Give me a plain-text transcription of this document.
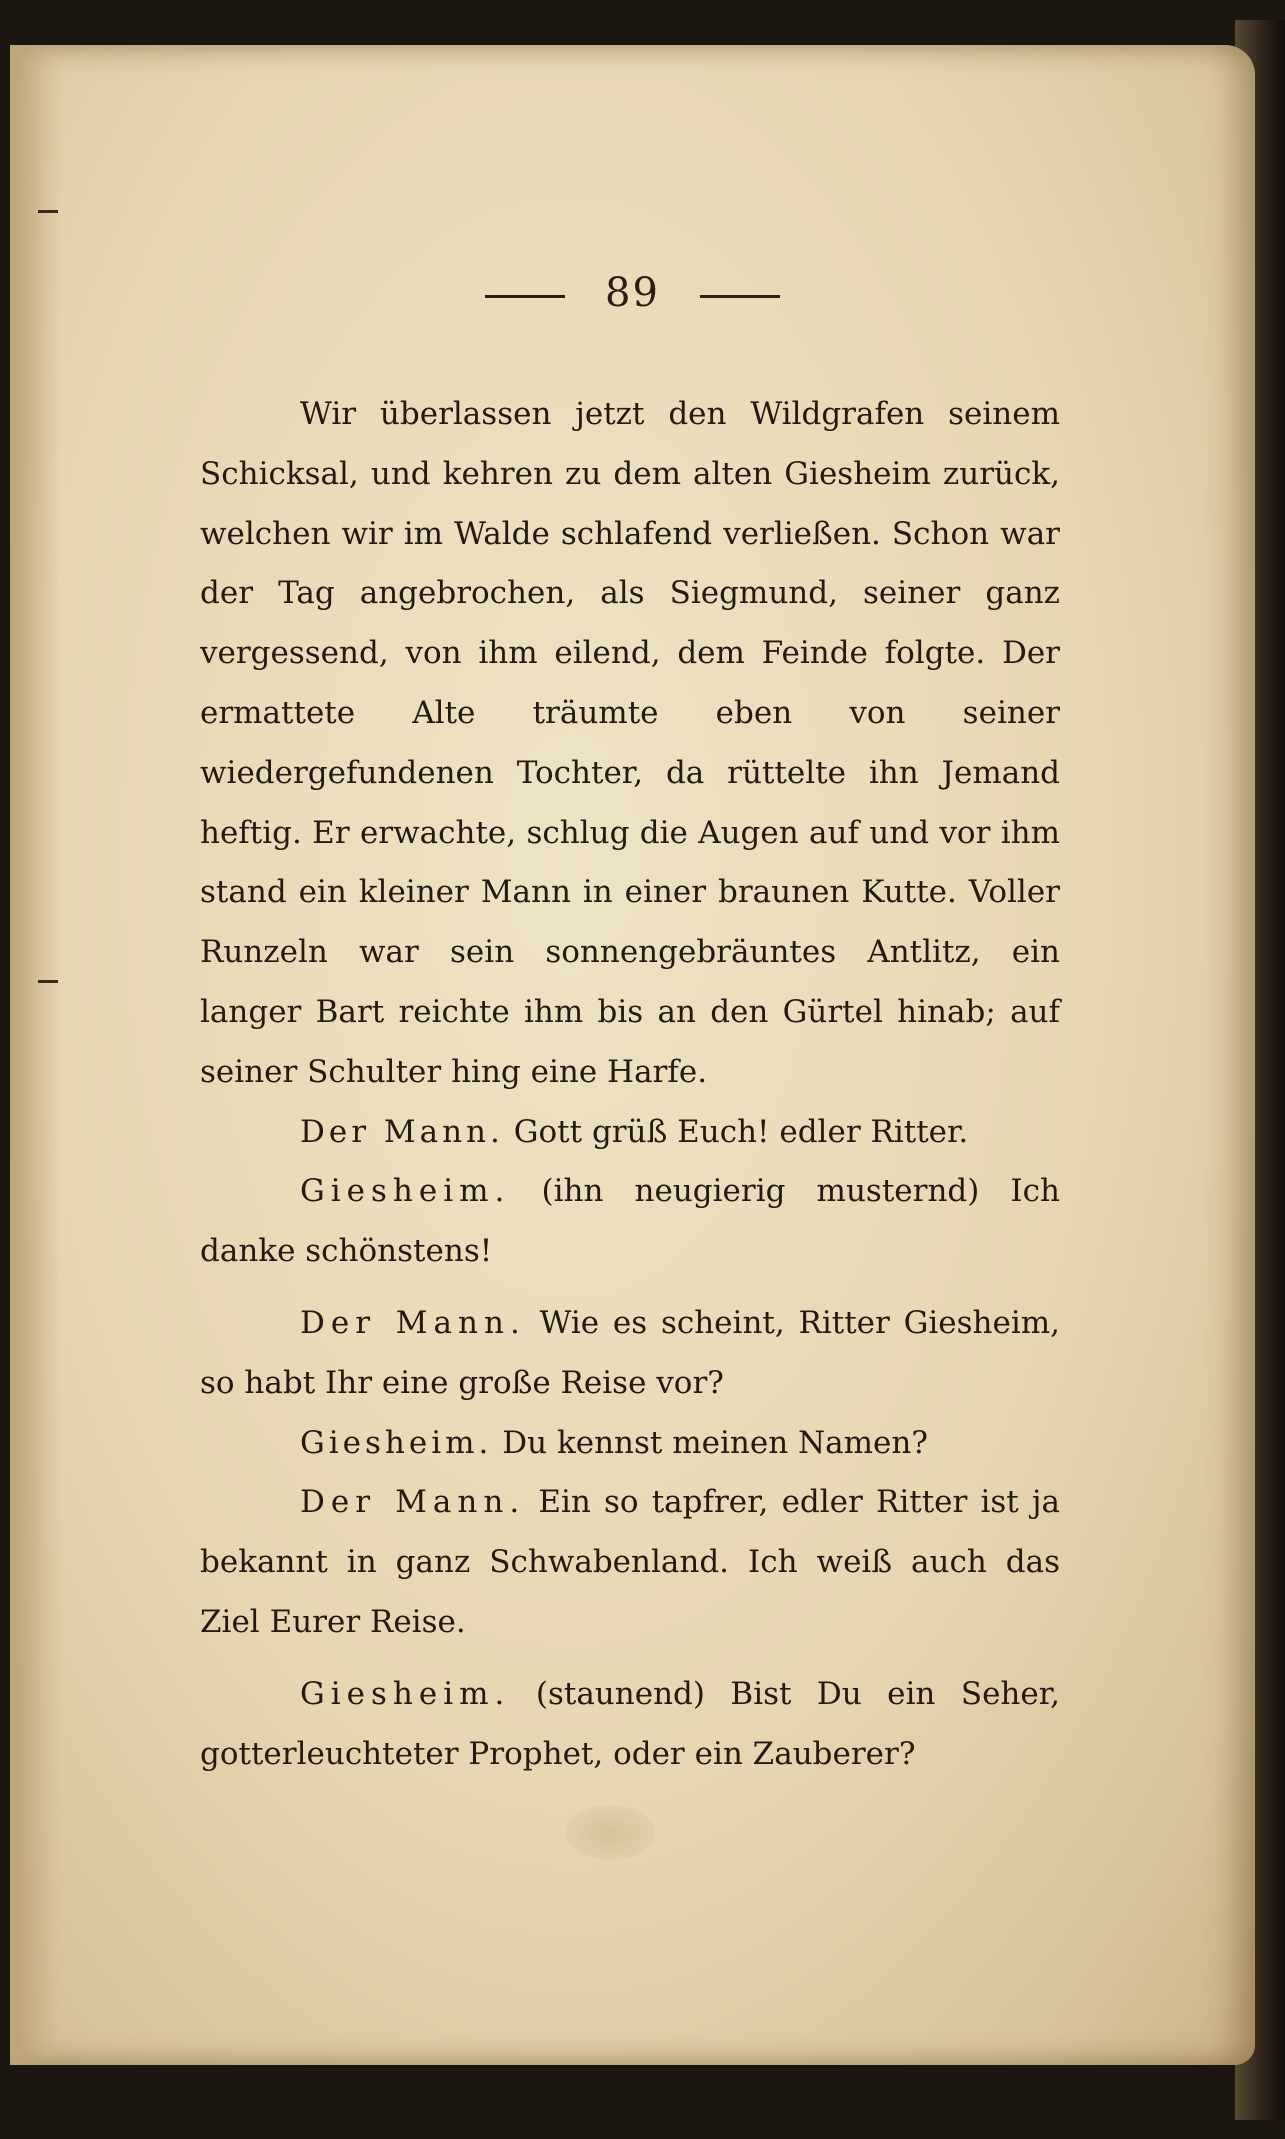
89

Wir überlassen jetzt den Wildgrafen seinem Schicksal, und kehren zu dem alten Giesheim zurück, welchen wir im Walde schlafend verließen. Schon war der Tag angebrochen, als Siegmund, seiner ganz vergessend, von ihm eilend, dem Feinde folgte. Der ermattete Alte träumte eben von seiner wiedergefundenen Tochter, da rüttelte ihn Jemand heftig. Er erwachte, schlug die Augen auf und vor ihm stand ein kleiner Mann in einer braunen Kutte. Voller Runzeln war sein sonnengebräuntes Antlitz, ein langer Bart reichte ihm bis an den Gürtel hinab; auf seiner Schulter hing eine Harfe.

Der Mann. Gott grüß Euch! edler Ritter.

Giesheim. (ihn neugierig musternd) Ich danke schönstens!

Der Mann. Wie es scheint, Ritter Giesheim, so habt Ihr eine große Reise vor?

Giesheim. Du kennst meinen Namen?

Der Mann. Ein so tapfrer, edler Ritter ist ja bekannt in ganz Schwabenland. Ich weiß auch das Ziel Eurer Reise.

Giesheim. (staunend) Bist Du ein Seher, gotterleuchteter Prophet, oder ein Zauberer?
